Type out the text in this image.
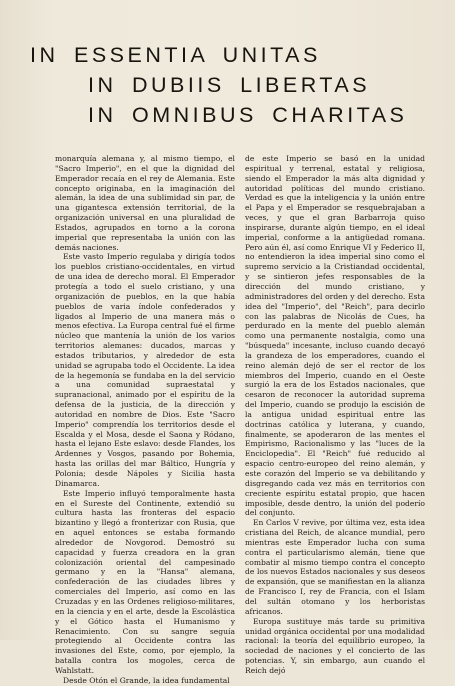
IN ESSENTIA UNITAS
IN DUBIIS LIBERTAS
IN OMNIBUS CHARITAS

monarquía alemana y, al mismo tiempo, el "Sacro Imperio", en el que la dignidad del Emperador recaía en el rey de Alemania. Este concepto originaba, en la imaginación del alemán, la idea de una sublimidad sin par, de una gigantesca extensión territorial, de la organización universal en una pluralidad de Estados, agrupados en torno a la corona imperial que representaba la unión con las demás naciones.

Este vasto Imperio regulaba y dirigía todos los pueblos cristiano-occidentales, en virtud de una idea de derecho moral. El Emperador protegía a todo el suelo cristiano, y una organización de pueblos, en la que había pueblos de varia índole confederados y ligados al Imperio de una manera más o menos efectiva. La Europa central fué el firme núcleo que mantenía la unión de los varios territorios alemanes: ducados, marcas y estados tributarios, y alrededor de esta unidad se agrupaba todo el Occidente. La idea de la hegemonía se fundaba en la del servicio a una comunidad supraestatal y supranacional, animado por el espíritu de la defensa de la justicia, de la dirección y autoridad en nombre de Dios. Este "Sacro Imperio" comprendía los territorios desde el Escalda y el Mosa, desde el Saona y Ródano, hasta el lejano Este eslavo: desde Flandes, los Ardennes y Vosgos, pasando por Bohemia, hasta las orillas del mar Báltico, Hungría y Polonia; desde Nápoles y Sicilia hasta Dinamarca.

Este Imperio influyó temporalmente hasta en el Sureste del Continente, extendió su cultura hasta las fronteras del espacio bizantino y llegó a fronterizar con Rusia, que en aquel entonces se estaba formando alrededor de Novgorod. Demostró su capacidad y fuerza creadora en la gran colonización oriental del campesinado germano y en la "Hansa" alemana, confederación de las ciudades libres y comerciales del Imperio, así como en las Cruzadas y en las Ordenes religioso-militares, en la ciencia y en el arte, desde la Escolástica y el Gótico hasta el Humanismo y Renacimiento. Con su sangre seguía protegiendo al Occidente contra las invasiones del Este, como, por ejemplo, la batalla contra los mogoles, cerca de Wahlstatt.

Desde Otón el Grande, la idea fundamental

de este Imperio se basó en la unidad espiritual y terrenal, estatal y religiosa, siendo el Emperador la más alta dignidad y autoridad políticas del mundo cristiano. Verdad es que la inteligencia y la unión entre el Papa y el Emperador se resquebrajaban a veces, y que el gran Barbarroja quiso inspirarse, durante algún tiempo, en el ideal imperial, conforme a la antigüedad romana. Pero aún él, así como Enrique VI y Federico II, no entendieron la idea imperial sino como el supremo servicio a la Cristiandad occidental, y se sintieron jefes responsables de la dirección del mundo cristiano, y administradores del orden y del derecho. Esta idea del "Imperio", del "Reich", para decirlo con las palabras de Nicolás de Cues, ha perdurado en la mente del pueblo alemán como una permanente nostalgia, como una "búsqueda" incesante, incluso cuando decayó la grandeza de los emperadores, cuando el reino alemán dejó de ser el rector de los miembros del Imperio, cuando en el Oeste surgió la era de los Estados nacionales, que cesaron de reconocer la autoridad suprema del Imperio, cuando se produjo la escisión de la antigua unidad espiritual entre las doctrinas católica y luterana, y cuando, finalmente, se apoderaron de las mentes el Empirismo, Racionalismo y las "luces de la Enciclopedia". El "Reich" fué reducido al espacio centro-europeo del reino alemán, y este corazón del Imperio se va debilitando y disgregando cada vez más en territorios con creciente espíritu estatal propio, que hacen imposible, desde dentro, la unión del poderío del conjunto.

En Carlos V revive, por última vez, esta idea cristiana del Reich, de alcance mundial, pero mientras este Emperador lucha con suma contra el particularismo alemán, tiene que combatir al mismo tiempo contra el concepto de los nuevos Estados nacionales y sus deseos de expansión, que se manifiestan en la alianza de Francisco I, rey de Francia, con el Islam del sultán otomano y los herboristas africanos.

Europa sustituye más tarde su primitiva unidad orgánica occidental por una modalidad racional: la teoría del equilibrio europeo, la sociedad de naciones y el concierto de las potencias. Y, sin embargo, aun cuando el Reich dejó
